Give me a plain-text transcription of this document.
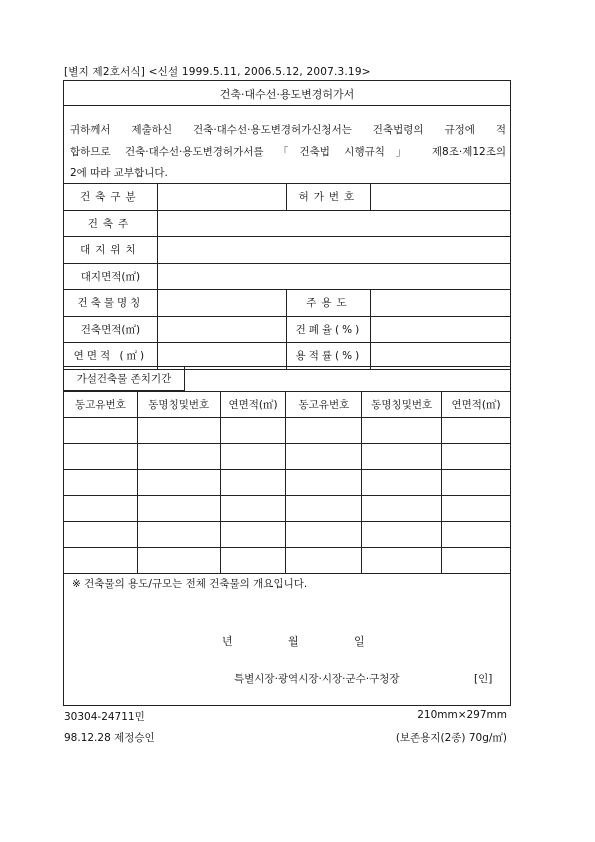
[별지 제2호서식] <신설 1999.5.11, 2006.5.12, 2007.3.19>
건축·대수선·용도변경허가서
귀하께서 제출하신 건축·대수선·용도변경허가신청서는 건축법령의 규정에 적
합하므로 건축·대수선·용도변경허가서를 「건축법 시행규칙」 제8조·제12조의
2에 따라 교부합니다.
건축구분		허가번호	
건축주			
대지위치			
대지면적(㎡)			
건축물명칭		주용도	
건축면적(㎡)		건폐율(%)	
연면적 (㎡)		용적률(%)	
가설건축물 존치기간	
동고유번호	동명칭및번호	연면적(㎡)	동고유번호	동명칭및번호	연면적(㎡)

※ 건축물의 용도/규모는 전체 건축물의 개요입니다.
년	월	일
특별시장·광역시장·시장·군수·구청장	[인]
30304-24711민	210mm×297mm
98.12.28 제정승인	(보존용지(2종) 70g/㎡)
